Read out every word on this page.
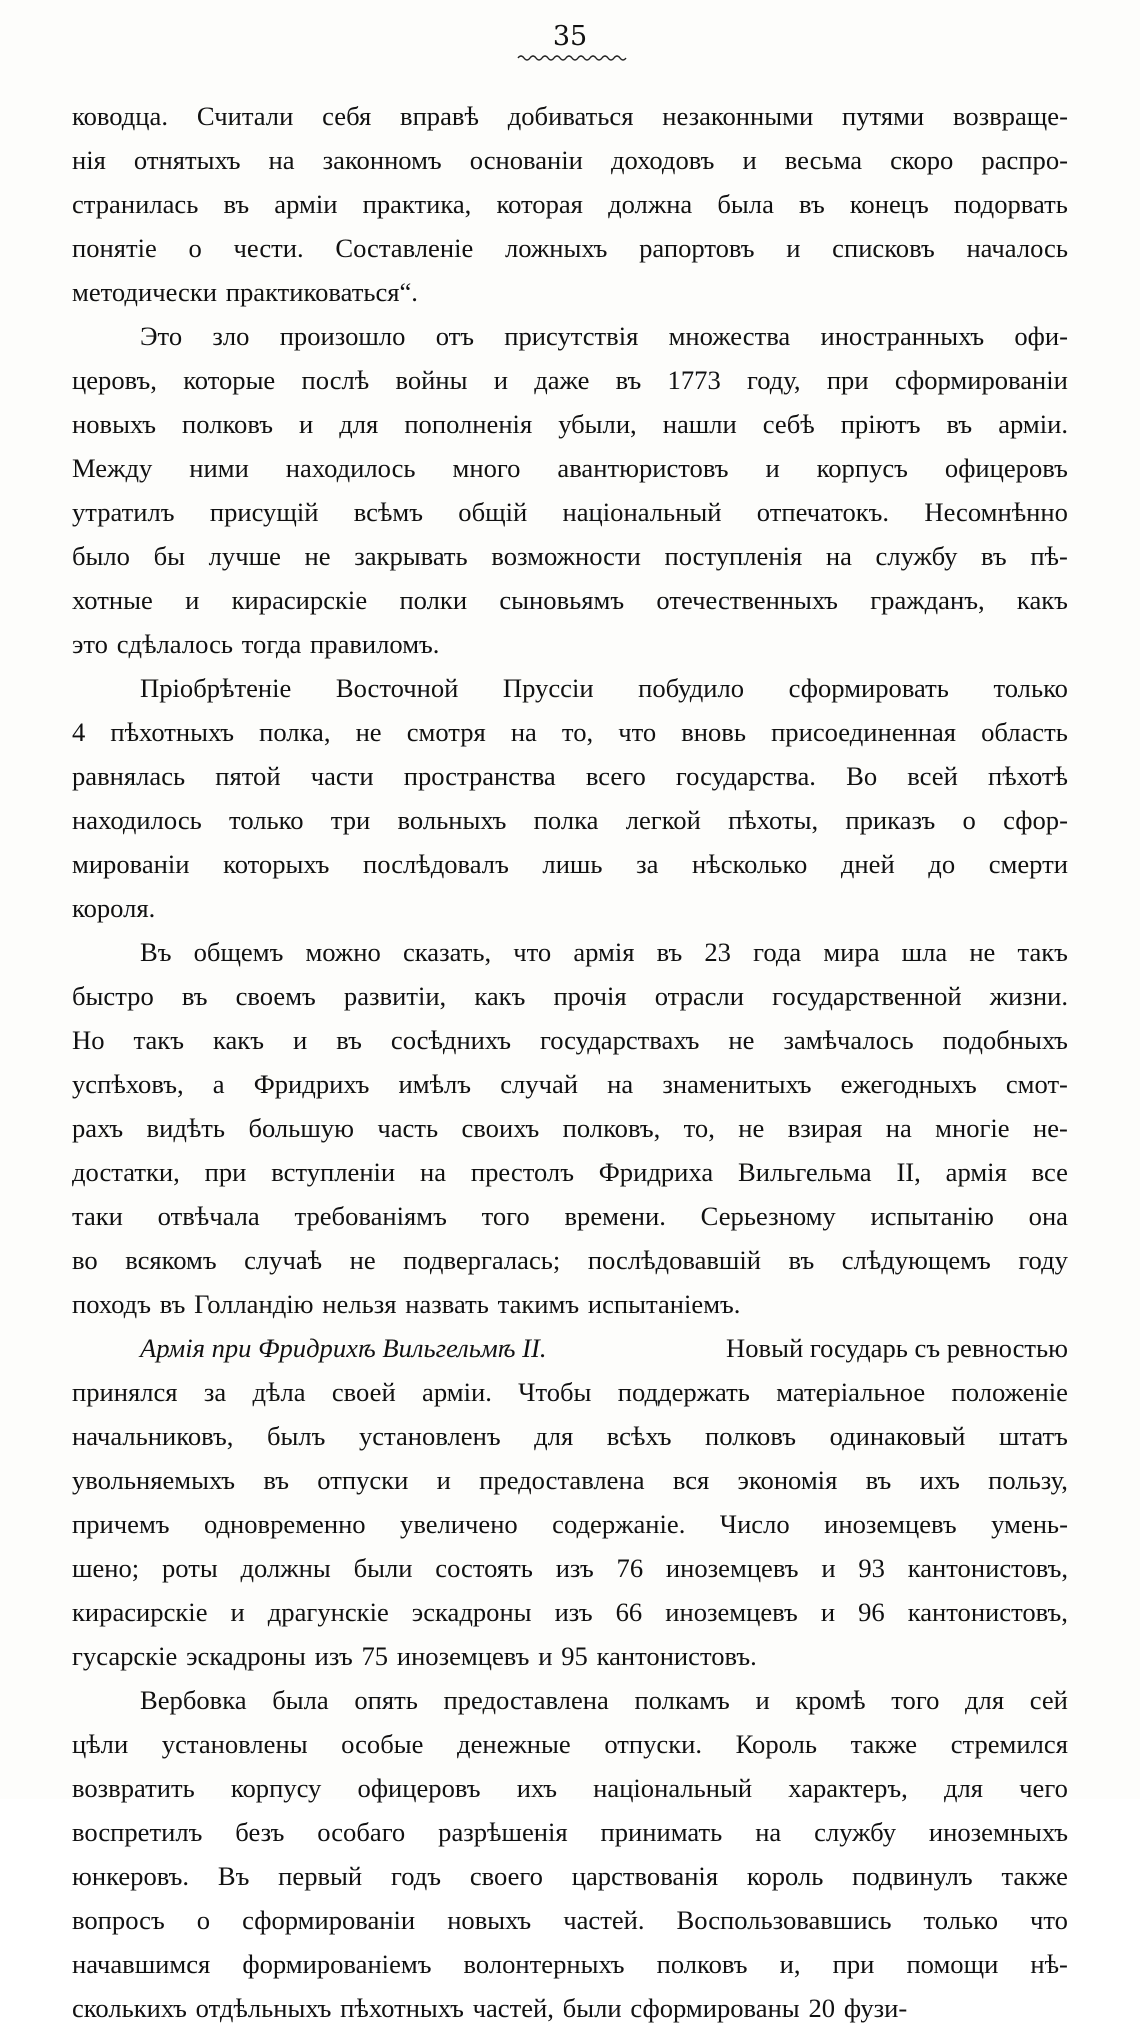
35
ководца. Считали себя вправѣ добиваться незаконными путями возвраще-
нія отнятыхъ на законномъ основаніи доходовъ и весьма скоро распро-
странилась въ арміи практика, которая должна была въ конецъ подорвать
понятіе о чести. Составленіе ложныхъ рапортовъ и списковъ началось
методически практиковаться“.
Это зло произошло отъ присутствія множества иностранныхъ офи-
церовъ, которые послѣ войны и даже въ 1773 году, при сформированіи
новыхъ полковъ и для пополненія убыли, нашли себѣ пріютъ въ арміи.
Между ними находилось много авантюристовъ и корпусъ офицеровъ
утратилъ присущій всѣмъ общій національный отпечатокъ. Несомнѣнно
было бы лучше не закрывать возможности поступленія на службу въ пѣ-
хотные и кирасирскіе полки сыновьямъ отечественныхъ гражданъ, какъ
это сдѣлалось тогда правиломъ.
Пріобрѣтеніе Восточной Пруссіи побудило сформировать только
4 пѣхотныхъ полка, не смотря на то, что вновь присоединенная область
равнялась пятой части пространства всего государства. Во всей пѣхотѣ
находилось только три вольныхъ полка легкой пѣхоты, приказъ о сфор-
мированіи которыхъ послѣдовалъ лишь за нѣсколько дней до смерти
короля.
Въ общемъ можно сказать, что армія въ 23 года мира шла не такъ
быстро въ своемъ развитіи, какъ прочія отрасли государственной жизни.
Но такъ какъ и въ сосѣднихъ государствахъ не замѣчалось подобныхъ
успѣховъ, а Фридрихъ имѣлъ случай на знаменитыхъ ежегодныхъ смот-
рахъ видѣть большую часть своихъ полковъ, то, не взирая на многіе не-
достатки, при вступленіи на престолъ Фридриха Вильгельма II, армія все
таки отвѣчала требованіямъ того времени. Серьезному испытанію она
во всякомъ случаѣ не подвергалась; послѣдовавшій въ слѣдующемъ году
походъ въ Голландію нельзя назвать такимъ испытаніемъ.
Армія при Фридрихѣ Вильгельмѣ II.	Новый государь съ ревностью
принялся за дѣла своей арміи. Чтобы поддержать матеріальное положеніе
начальниковъ, былъ установленъ для всѣхъ полковъ одинаковый штатъ
увольняемыхъ въ отпуски и предоставлена вся экономія въ ихъ пользу,
причемъ одновременно увеличено содержаніе. Число иноземцевъ умень-
шено; роты должны были состоять изъ 76 иноземцевъ и 93 кантонистовъ,
кирасирскіе и драгунскіе эскадроны изъ 66 иноземцевъ и 96 кантонистовъ,
гусарскіе эскадроны изъ 75 иноземцевъ и 95 кантонистовъ.
Вербовка была опять предоставлена полкамъ и кромѣ того для сей
цѣли установлены особые денежные отпуски. Король также стремился
возвратить корпусу офицеровъ ихъ національный характеръ, для чего
воспретилъ безъ особаго разрѣшенія принимать на службу иноземныхъ
юнкеровъ. Въ первый годъ своего царствованія король подвинулъ также
вопросъ о сформированіи новыхъ частей. Воспользовавшись только что
начавшимся формированіемъ волонтерныхъ полковъ и, при помощи нѣ-
сколькихъ отдѣльныхъ пѣхотныхъ частей, были сформированы 20 фузи-
